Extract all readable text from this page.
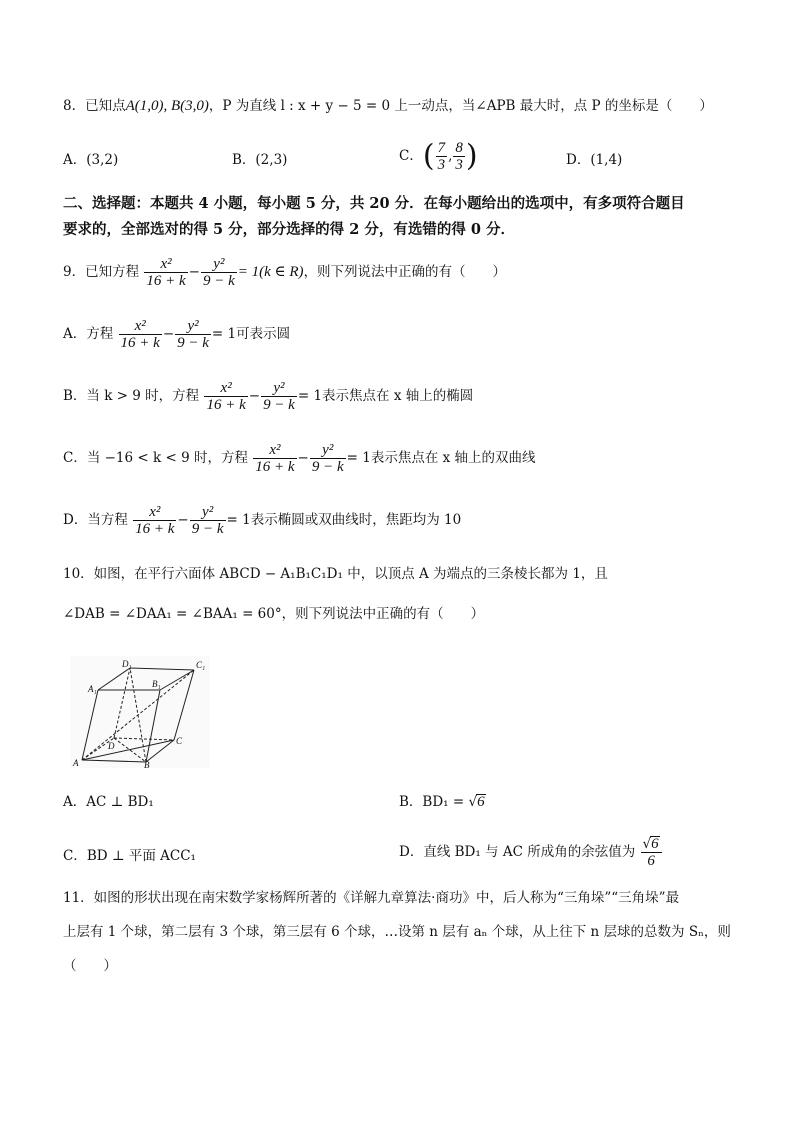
8．已知点A(1,0), B(3,0)，P 为直线 l : x + y − 5 = 0 上一动点，当∠APB 最大时，点 P 的坐标是（　　）
A．(3,2)	B．(2,3)	C．( $\frac{7}{3}$ , $\frac{8}{3}$ )	D．(1,4)
二、选择题：本题共 4 小题，每小题 5 分，共 20 分．在每小题给出的选项中，有多项符合题目
要求的，全部选对的得 5 分，部分选择的得 2 分，有选错的得 0 分．
9．已知方程 $\frac{\text{x²}}{16 + k} - \frac{\text{y²}}{9 - k} = 1(k$ ∈ R)，则下列说法中正确的有（　　）
A．方程 $\frac{\text{x²}}{16 + k} - \frac{\text{y²}}{9 - k} = 1$可表示圆
B．当 k > 9 时，方程 $\frac{\text{x²}}{16 + k} - \frac{\text{y²}}{9 - k} = 1$表示焦点在 x 轴上的椭圆
C．当 −16 < k < 9 时，方程 $\frac{\text{x²}}{16 + k} - \frac{\text{y²}}{9 - k} = 1$表示焦点在 x 轴上的双曲线
D．当方程 $\frac{\text{x²}}{16 + k} - \frac{\text{y²}}{9 - k} = 1$表示椭圆或双曲线时，焦距均为 10
10．如图，在平行六面体 ABCD − A₁B₁C₁D₁ 中，以顶点 A 为端点的三条棱长都为 1，且
∠DAB = ∠DAA₁ = ∠BAA₁ = 60°，则下列说法中正确的有（　　）
D₁	C₁
A₁	B₁
D	C
A	B
A．AC ⊥ BD₁	B．BD₁ = √6
C．BD ⊥ 平面 ACC₁	D．直线 BD₁ 与 AC 所成角的余弦值为 $\frac{√6}{6}$
11．如图的形状出现在南宋数学家杨辉所著的《详解九章算法·商功》中，后人称为“三角垛”“三角垛”最
上层有 1 个球，第二层有 3 个球，第三层有 6 个球，…设第 n 层有 aₙ 个球，从上往下 n 层球的总数为 Sₙ，则
（　　）
